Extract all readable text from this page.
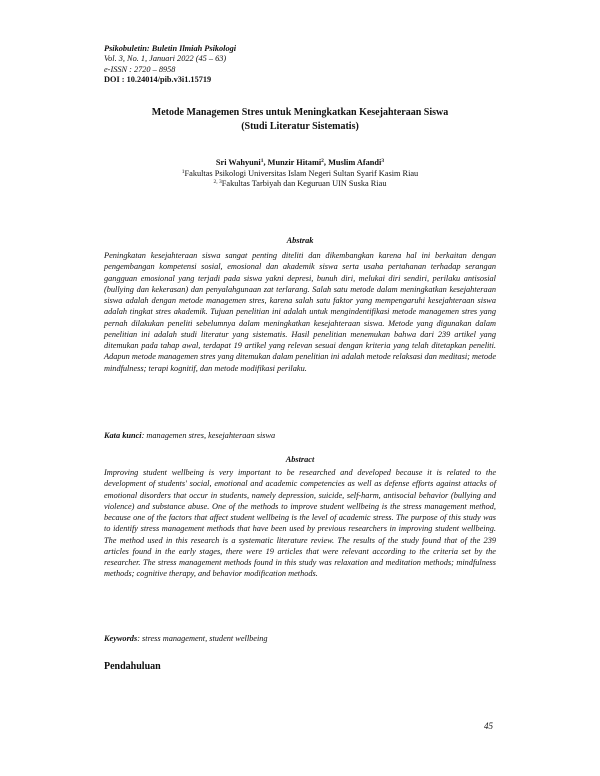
Psikobuletin: Buletin Ilmiah Psikologi
Vol. 3, No. 1, Januari 2022 (45 – 63)
e-ISSN : 2720 – 8958
DOI : 10.24014/pib.v3i1.15719
Metode Managemen Stres untuk Meningkatkan Kesejahteraan Siswa
(Studi Literatur Sistematis)
Sri Wahyuni$^1$, Munzir Hitami$^2$, Muslim Afandi$^3$
$^1$Fakultas Psikologi Universitas Islam Negeri Sultan Syarif Kasim Riau
$^{2, 3}$Fakultas Tarbiyah dan Keguruan UIN Suska Riau
Abstrak

Peningkatan kesejahteraan siswa sangat penting diteliti dan dikembangkan karena hal ini berkaitan dengan pengembangan kompetensi sosial, emosional dan akademik siswa serta usaha pertahanan terhadap serangan gangguan emosional yang terjadi pada siswa yakni depresi, bunuh diri, melukai diri sendiri, perilaku antisosial (bullying dan kekerasan) dan penyalahgunaan zat terlarang. Salah satu metode dalam meningkatkan kesejahteraan siswa adalah dengan metode managemen stres, karena salah satu faktor yang mempengaruhi kesejahteraan siswa adalah tingkat stres akademik. Tujuan penelitian ini adalah untuk mengindentifikasi metode managemen stres yang pernah dilakukan peneliti sebelumnya dalam meningkatkan kesejahteraan siswa. Metode yang digunakan dalam penelitian ini adalah studi literatur yang sistematis. Hasil penelitian menemukan bahwa dari 239 artikel yang ditemukan pada tahap awal, terdapat 19 artikel yang relevan sesuai dengan kriteria yang telah ditetapkan peneliti. Adapun metode managemen stres yang ditemukan dalam penelitian ini adalah metode relaksasi dan meditasi; metode mindfulness; terapi kognitif, dan metode modifikasi perilaku.

Kata kunci: managemen stres, kesejahteraan siswa
Abstract

Improving student wellbeing is very important to be researched and developed because it is related to the development of students' social, emotional and academic competencies as well as defense efforts against attacks of emotional disorders that occur in students, namely depression, suicide, self-harm, antisocial behavior (bullying and violence) and substance abuse. One of the methods to improve student wellbeing is the stress management method, because one of the factors that affect student wellbeing is the level of academic stress. The purpose of this study was to identify stress management methods that have been used by previous researchers in improving student wellbeing. The method used in this research is a systematic literature review. The results of the study found that of the 239 articles found in the early stages, there were 19 articles that were relevant according to the criteria set by the researcher. The stress management methods found in this study was relaxation and meditation methods; mindfulness methods; cognitive therapy, and behavior modification methods.

Keywords: stress management, student wellbeing
Pendahuluan
45
